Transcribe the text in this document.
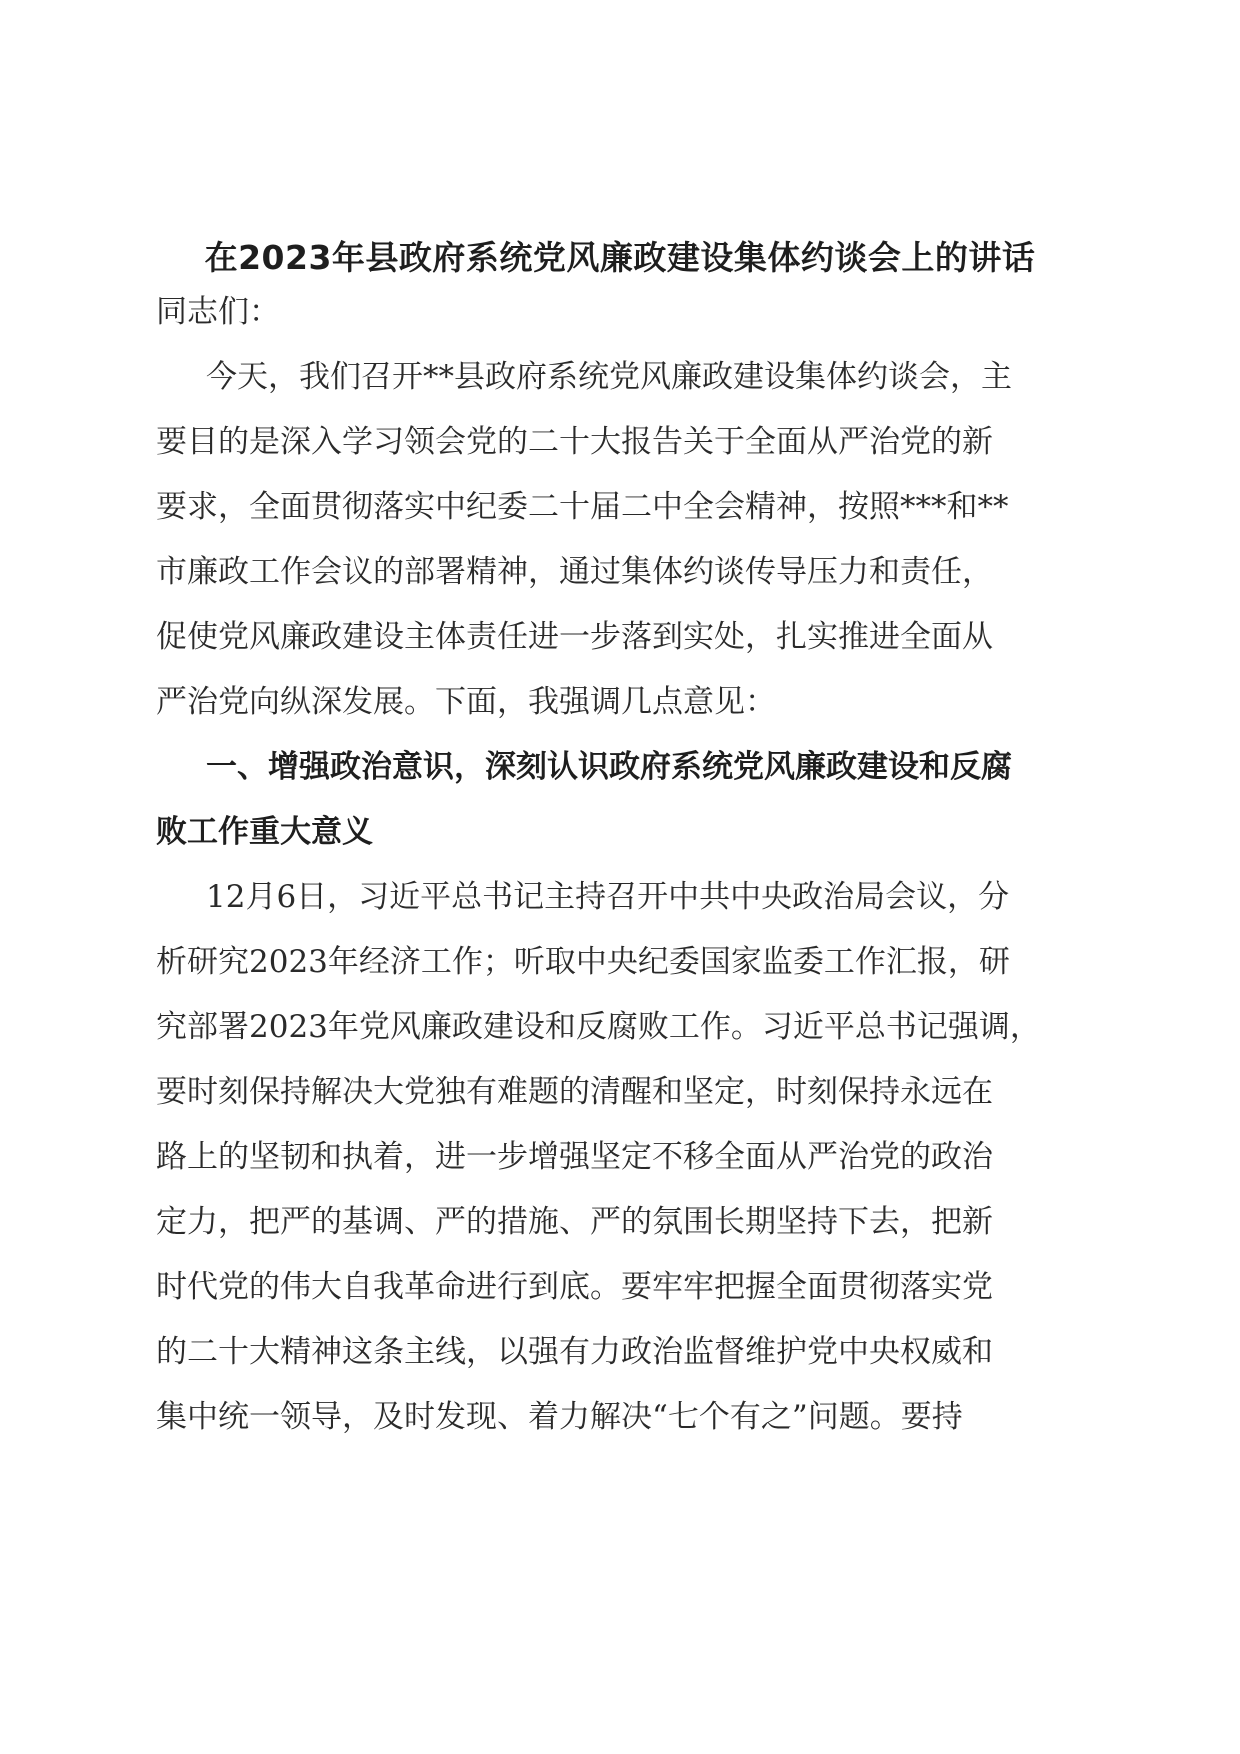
在2023年县政府系统党风廉政建设集体约谈会上的讲话
同志们：
今天，我们召开**县政府系统党风廉政建设集体约谈会，主
要目的是深入学习领会党的二十大报告关于全面从严治党的新
要求，全面贯彻落实中纪委二十届二中全会精神，按照***和**
市廉政工作会议的部署精神，通过集体约谈传导压力和责任，
促使党风廉政建设主体责任进一步落到实处，扎实推进全面从
严治党向纵深发展。下面，我强调几点意见：
一、增强政治意识，深刻认识政府系统党风廉政建设和反腐
败工作重大意义
12月6日，习近平总书记主持召开中共中央政治局会议，分
析研究2023年经济工作；听取中央纪委国家监委工作汇报，研
究部署2023年党风廉政建设和反腐败工作。习近平总书记强调，
要时刻保持解决大党独有难题的清醒和坚定，时刻保持永远在
路上的坚韧和执着，进一步增强坚定不移全面从严治党的政治
定力，把严的基调、严的措施、严的氛围长期坚持下去，把新
时代党的伟大自我革命进行到底。要牢牢把握全面贯彻落实党
的二十大精神这条主线，以强有力政治监督维护党中央权威和
集中统一领导，及时发现、着力解决“七个有之”问题。要持
